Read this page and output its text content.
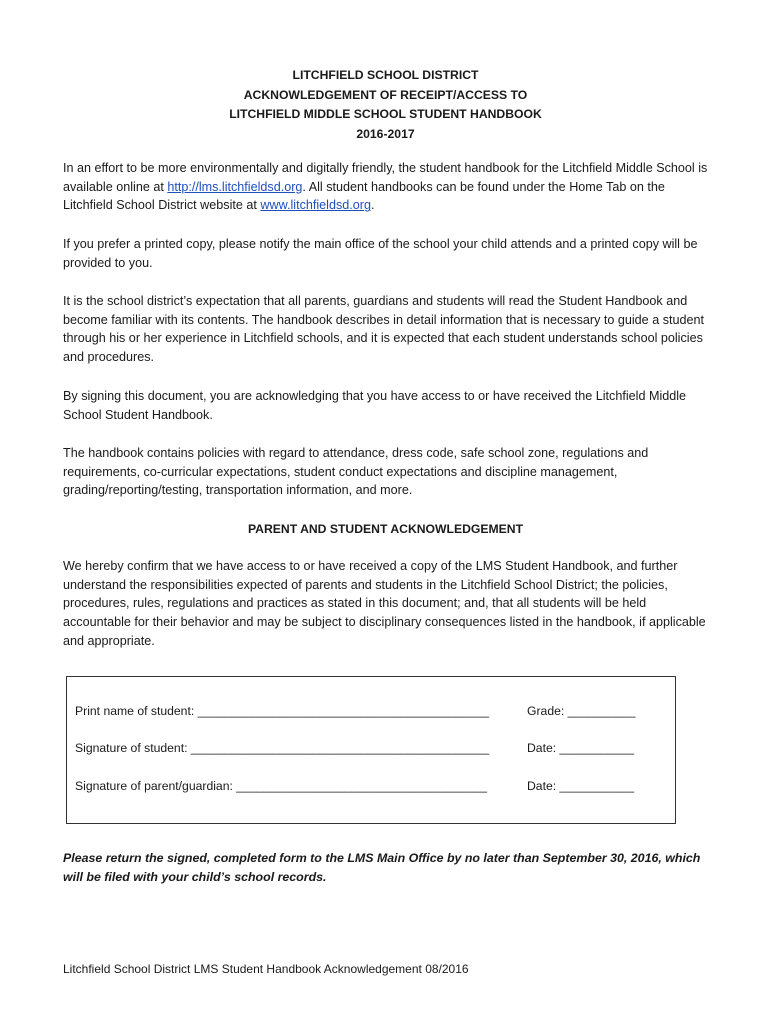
LITCHFIELD SCHOOL DISTRICT
ACKNOWLEDGEMENT OF RECEIPT/ACCESS TO
LITCHFIELD MIDDLE SCHOOL STUDENT HANDBOOK
2016-2017

In an effort to be more environmentally and digitally friendly, the student handbook for the Litchfield Middle School is available online at http://lms.litchfieldsd.org. All student handbooks can be found under the Home Tab on the Litchfield School District website at www.litchfieldsd.org.

If you prefer a printed copy, please notify the main office of the school your child attends and a printed copy will be provided to you.

It is the school district’s expectation that all parents, guardians and students will read the Student Handbook and become familiar with its contents. The handbook describes in detail information that is necessary to guide a student through his or her experience in Litchfield schools, and it is expected that each student understands school policies and procedures.

By signing this document, you are acknowledging that you have access to or have received the Litchfield Middle School Student Handbook.

The handbook contains policies with regard to attendance, dress code, safe school zone, regulations and requirements, co-curricular expectations, student conduct expectations and discipline management, grading/reporting/testing, transportation information, and more.

PARENT AND STUDENT ACKNOWLEDGEMENT

We hereby confirm that we have access to or have received a copy of the LMS Student Handbook, and further understand the responsibilities expected of parents and students in the Litchfield School District; the policies, procedures, rules, regulations and practices as stated in this document; and, that all students will be held accountable for their behavior and may be subject to disciplinary consequences listed in the handbook, if applicable and appropriate.

Please return the signed, completed form to the LMS Main Office by no later than September 30, 2016, which will be filed with your child’s school records.
Litchfield School District LMS Student Handbook Acknowledgement 08/2016
Print name of student: ___________________________________________	Grade: __________
Signature of student: ____________________________________________	Date: ___________
Signature of parent/guardian: _____________________________________	Date: ___________
